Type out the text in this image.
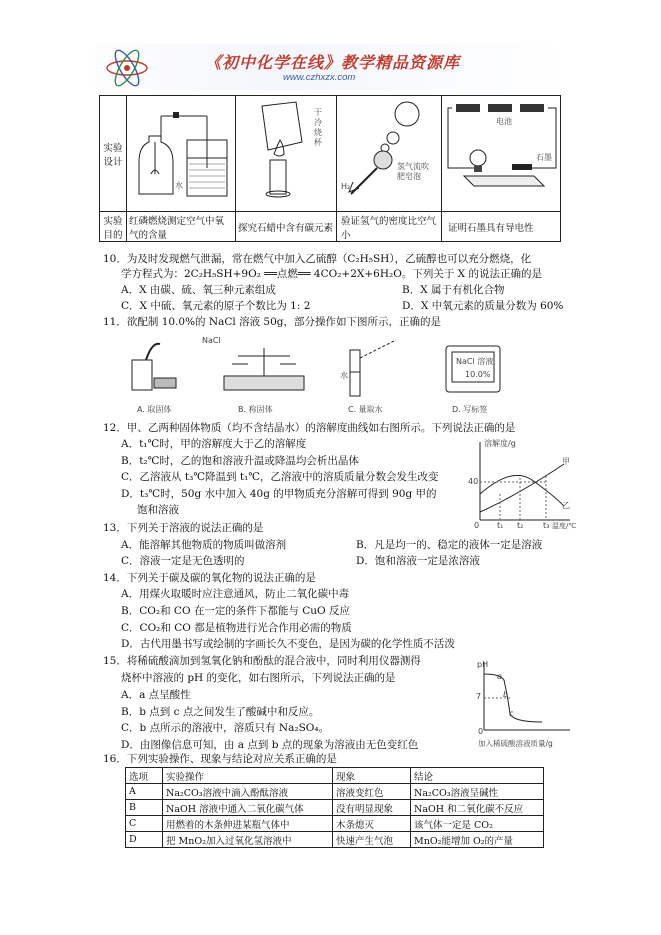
《初中化学在线》教学精品资源库
www.czhxzx.com
实验设计	水	干冷烧杯	H₂
氢气流吹肥皂泡	电池
石墨

实验目的	红磷燃烧测定空气中氧气的含量	探究石蜡中含有碳元素	验证氢气的密度比空气小	证明石墨具有导电性
10．为及时发现燃气泄漏，常在燃气中加入乙硫醇（C₂H₅SH），乙硫醇也可以充分燃烧，化
学方程式为：2C₂H₅SH+9O₂ ══点燃══ 4CO₂+2X+6H₂O。下列关于 X 的说法正确的是
A．X 由碳、硫、氧三种元素组成	B．X 属于有机化合物
C．X 中硫、氧元素的原子个数比为 1: 2	D．X 中氧元素的质量分数为 60%
11．欲配制 10.0%的 NaCl 溶液 50g，部分操作如下图所示，正确的是
NaCl
水
NaCl 溶液
10.0%
A. 取固体	B. 称固体	C. 量取水	D. 写标签
12．甲、乙两种固体物质（均不含结晶水）的溶解度曲线如右图所示。下列说法正确的是
A．t₁℃时，甲的溶解度大于乙的溶解度
B．t₂℃时，乙的饱和溶液升温或降温均会析出晶体
C．乙溶液从 t₃℃降温到 t₁℃，乙溶液中的溶质质量分数会发生改变
D．t₃℃时，50g 水中加入 40g 的甲物质充分溶解可得到 90g 甲的
饱和溶液
溶解度/g
40
0 t₁ t₂ t₃ 温度/℃
甲
乙
13．下列关于溶液的说法正确的是
A．能溶解其他物质的物质叫做溶剂	B．凡是均一的、稳定的液体一定是溶液
C．溶液一定是无色透明的	D．饱和溶液一定是浓溶液
14．下列关于碳及碳的氧化物的说法正确的是
A．用煤火取暖时应注意通风，防止二氧化碳中毒
B．CO₂和 CO 在一定的条件下都能与 CuO 反应
C．CO₂和 CO 都是植物进行光合作用必需的物质
D．古代用墨书写或绘制的字画长久不变色，是因为碳的化学性质不活泼
15．将稀硫酸滴加到氢氧化钠和酚酞的混合液中，同时利用仪器测得
烧杯中溶液的 pH 的变化，如右图所示，下列说法正确的是
A．a 点呈酸性
B．b 点到 c 点之间发生了酸碱中和反应。
C．b 点所示的溶液中，溶质只有 Na₂SO₄。
D．由图像信息可知，由 a 点到 b 点的现象为溶液由无色变红色
pH
7
0
a
b
c
加入稀硫酸溶液质量/g
16．下列实验操作、现象与结论对应关系正确的是
选项	实验操作	现象	结论
A	Na₂CO₃溶液中滴入酚酞溶液	溶液变红色	Na₂CO₃溶液呈碱性
B	NaOH 溶液中通入二氧化碳气体	没有明显现象	NaOH 和二氧化碳不反应
C	用燃着的木条伸进某瓶气体中	木条熄灭	该气体一定是 CO₂
D	把 MnO₂加入过氧化氢溶液中	快速产生气泡	MnO₂能增加 O₂的产量
